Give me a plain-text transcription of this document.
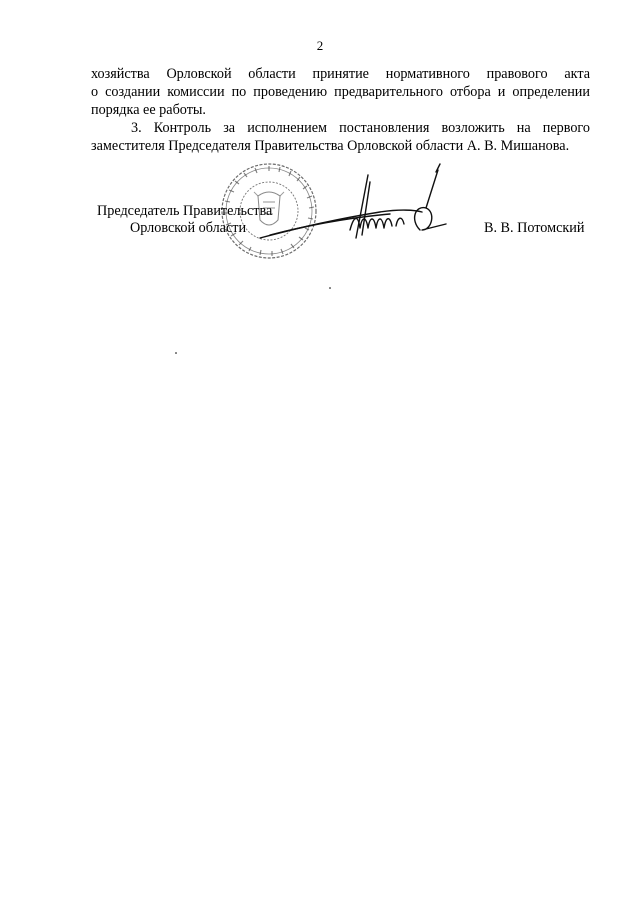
2
хозяйства Орловской области принятие нормативного правового акта
о создании комиссии по проведению предварительного отбора и определении
порядка ее работы.
3. Контроль за исполнением постановления возложить на первого
заместителя Председателя Правительства Орловской области А. В. Мишанова.
Председатель Правительства
Орловской области	В. В. Потомский
